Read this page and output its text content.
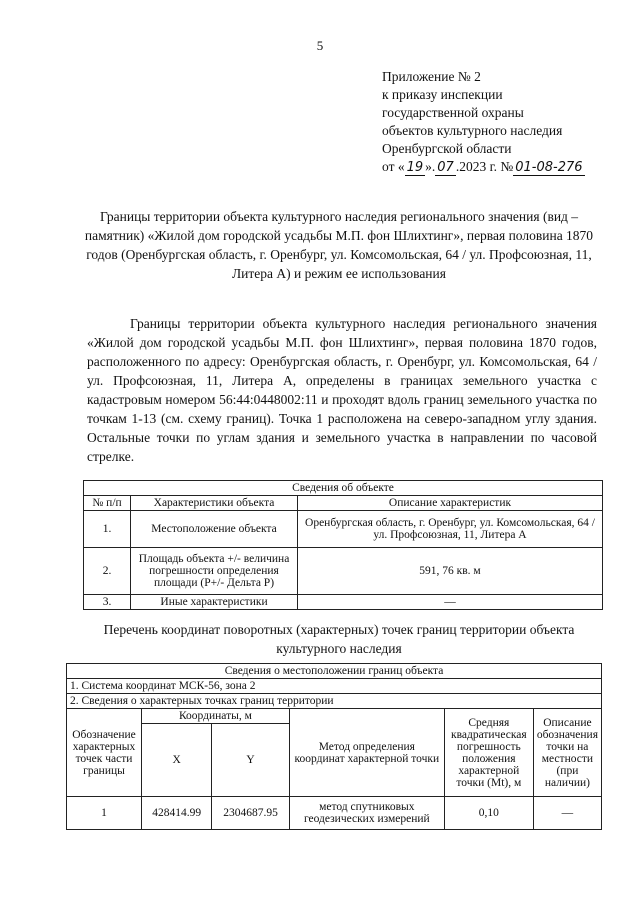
5
Приложение № 2
к приказу инспекции
государственной охраны
объектов культурного наследия
Оренбургской области
от « 19 ». 07 .2023 г. № 01-08-276
Границы территории объекта культурного наследия регионального значения (вид – памятник) «Жилой дом городской усадьбы М.П. фон Шлихтинг», первая половина 1870 годов (Оренбургская область, г. Оренбург, ул. Комсомольская, 64 / ул. Профсоюзная, 11, Литера А) и режим ее использования
Границы территории объекта культурного наследия регионального значения «Жилой дом городской усадьбы М.П. фон Шлихтинг», первая половина 1870 годов, расположенного по адресу: Оренбургская область, г. Оренбург, ул. Комсомольская, 64 / ул. Профсоюзная, 11, Литера А, определены в границах земельного участка с кадастровым номером 56:44:0448002:11 и проходят вдоль границ земельного участка по точкам 1-13 (см. схему границ). Точка 1 расположена на северо-западном углу здания. Остальные точки по углам здания и земельного участка в направлении по часовой стрелке.
Сведения об объекте		
№ п/п	Характеристики объекта	Описание характеристик
1.	Местоположение объекта	Оренбургская область, г. Оренбург, ул. Комсомольская, 64 / ул. Профсоюзная, 11, Литера А
2.	Площадь объекта +/- величина погрешности определения площади (Р+/- Дельта Р)	591, 76 кв. м
3.	Иные характеристики	—
Перечень координат поворотных (характерных) точек границ территории объекта культурного наследия
Сведения о местоположении границ объекта					
1. Система координат МСК-56, зона 2					
2. Сведения о характерных точках границ территории					
Обозначение характерных точек части границы	Координаты, м		Метод определения координат характерной точки	Средняя квадратическая погрешность положения характерной точки (Mt), м	Описание обозначения точки на местности (при наличии)
	X	Y			
1	428414.99	2304687.95	метод спутниковых геодезических измерений	0,10	—
